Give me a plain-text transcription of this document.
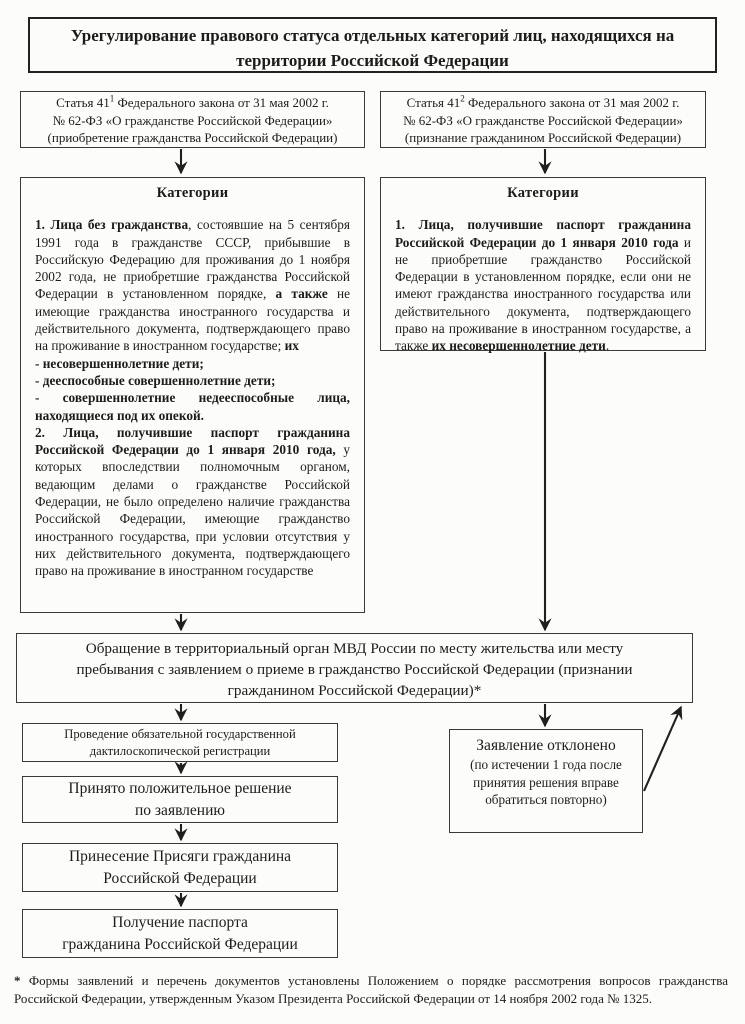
Урегулирование правового статуса отдельных категорий лиц, находящихся на территории Российской Федерации
Статья $41^1$ Федерального закона от 31 мая 2002 г.
№ 62-ФЗ «О гражданстве Российской Федерации»
(приобретение гражданства Российской Федерации)
Статья $41^2$ Федерального закона от 31 мая 2002 г.
№ 62-ФЗ «О гражданстве Российской Федерации»
(признание гражданином Российской Федерации)
Категории

1. Лица без гражданства, состоявшие на 5 сентября 1991 года в гражданстве СССР, прибывшие в Российскую Федерацию для проживания до 1 ноября 2002 года, не приобретшие гражданства Российской Федерации в установленном порядке, а также не имеющие гражданства иностранного государства и действительного документа, подтверждающего право на проживание в иностранном государстве; их

- несовершеннолетние дети;
- дееспособные совершеннолетние дети;
- совершеннолетние недееспособные лица, находящиеся под их опекой.

2. Лица, получившие паспорт гражданина Российской Федерации до 1 января 2010 года, у которых впоследствии полномочным органом, ведающим делами о гражданстве Российской Федерации, не было определено наличие гражданства Российской Федерации, имеющие гражданство иностранного государства, при условии отсутствия у них действительного документа, подтверждающего право на проживание в иностранном государстве

Категории

1. Лица, получившие паспорт гражданина Российской Федерации до 1 января 2010 года и не приобретшие гражданство Российской Федерации в установленном порядке, если они не имеют гражданства иностранного государства или действительного документа, подтверждающего право на проживание в иностранном государстве, а также их несовершеннолетние дети.

Обращение в территориальный орган МВД России по месту жительства или месту пребывания с заявлением о приеме в гражданство Российской Федерации (признании гражданином Российской Федерации)*
Проведение обязательной государственной
дактилоскопической регистрации
Принято положительное решение
по заявлению
Принесение Присяги гражданина
Российской Федерации
Получение паспорта
гражданина Российской Федерации
Заявление отклонено
(по истечении 1 года после принятия решения вправе обратиться повторно)

* Формы заявлений и перечень документов установлены Положением о порядке рассмотрения вопросов гражданства Российской Федерации, утвержденным Указом Президента Российской Федерации от 14 ноября 2002 года № 1325.
